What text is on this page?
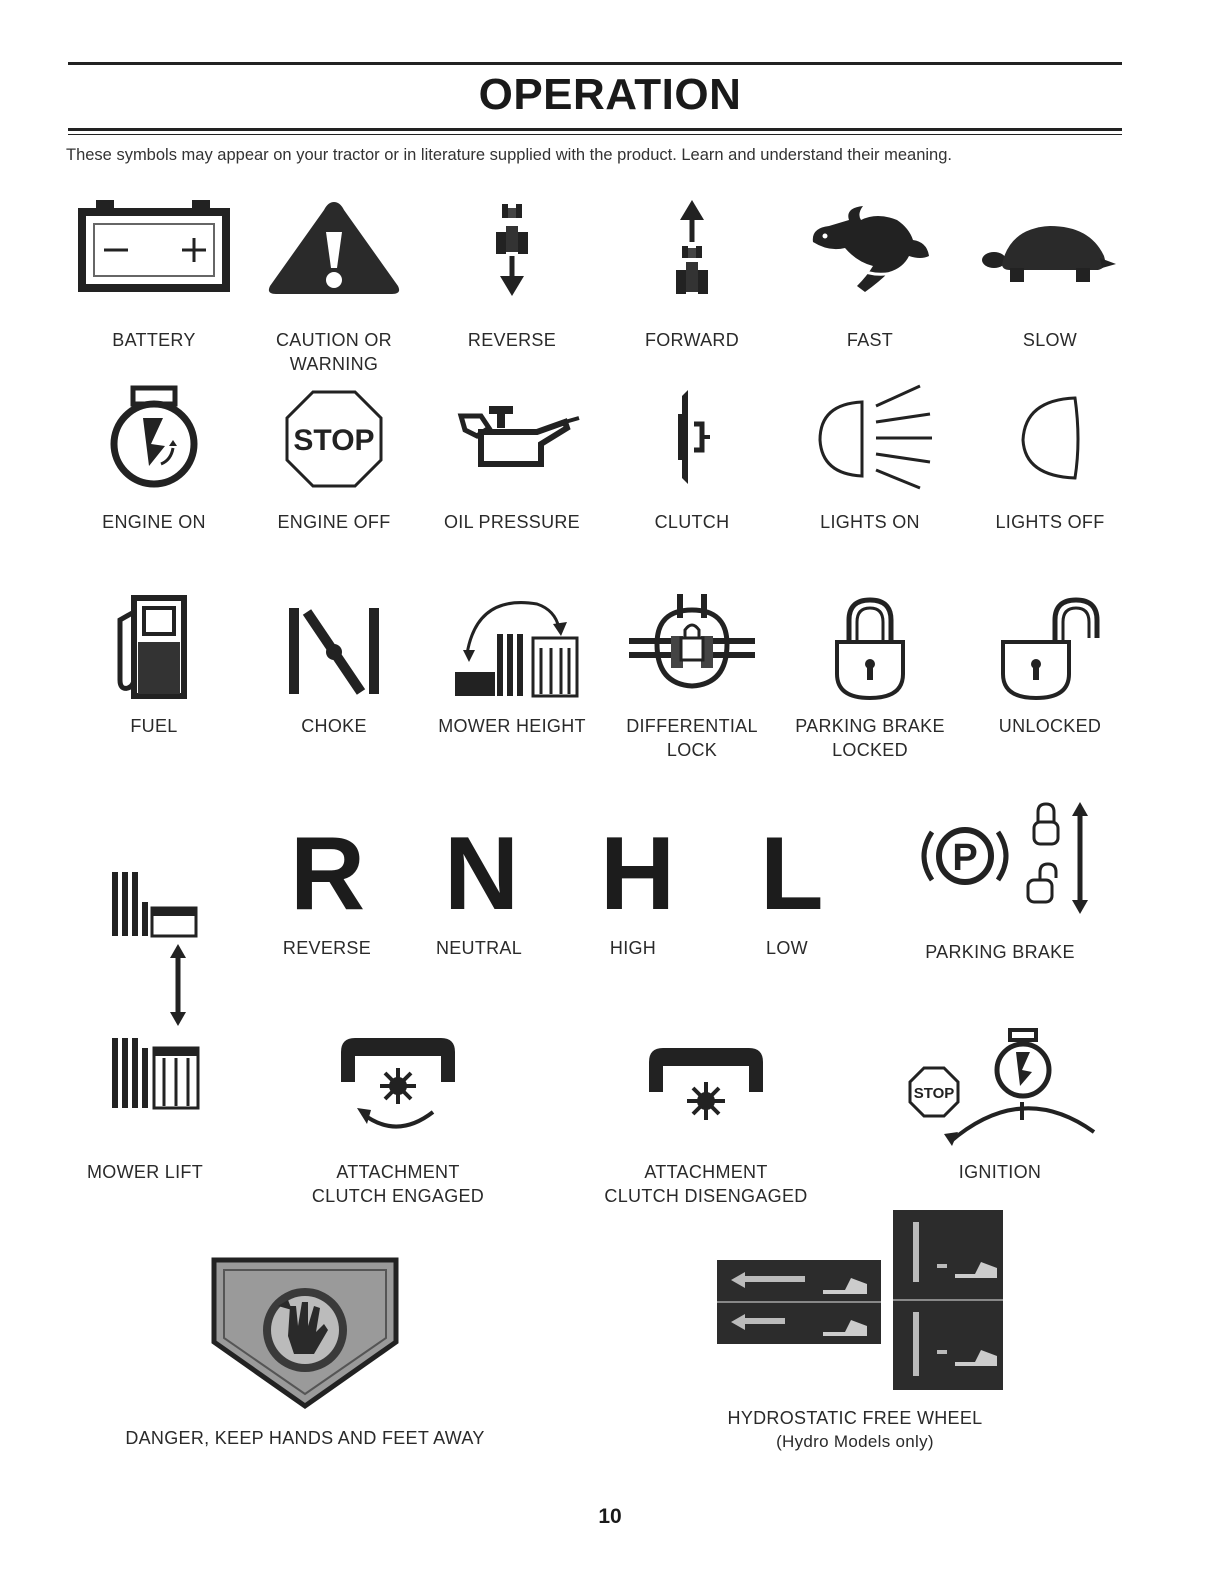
OPERATION
These symbols may appear on your tractor or in literature supplied with the product. Learn and understand their meaning.
BATTERY	CAUTION OR
WARNING
REVERSE	FORWARD	FAST	SLOW
ENGINE ON
STOP
ENGINE OFF	OIL PRESSURE	CLUTCH	LIGHTS ON	LIGHTS OFF
FUEL	CHOKE	MOWER HEIGHT	DIFFERENTIAL
LOCK
PARKING BRAKE
LOCKED
UNLOCKED
R N H L
REVERSE	NEUTRAL	HIGH	LOW
P
PARKING BRAKE
MOWER LIFT	ATTACHMENT
CLUTCH ENGAGED
ATTACHMENT
CLUTCH DISENGAGED
STOP
IGNITION
DANGER, KEEP HANDS AND FEET AWAY
HYDROSTATIC FREE WHEEL
(Hydro Models only)
10
